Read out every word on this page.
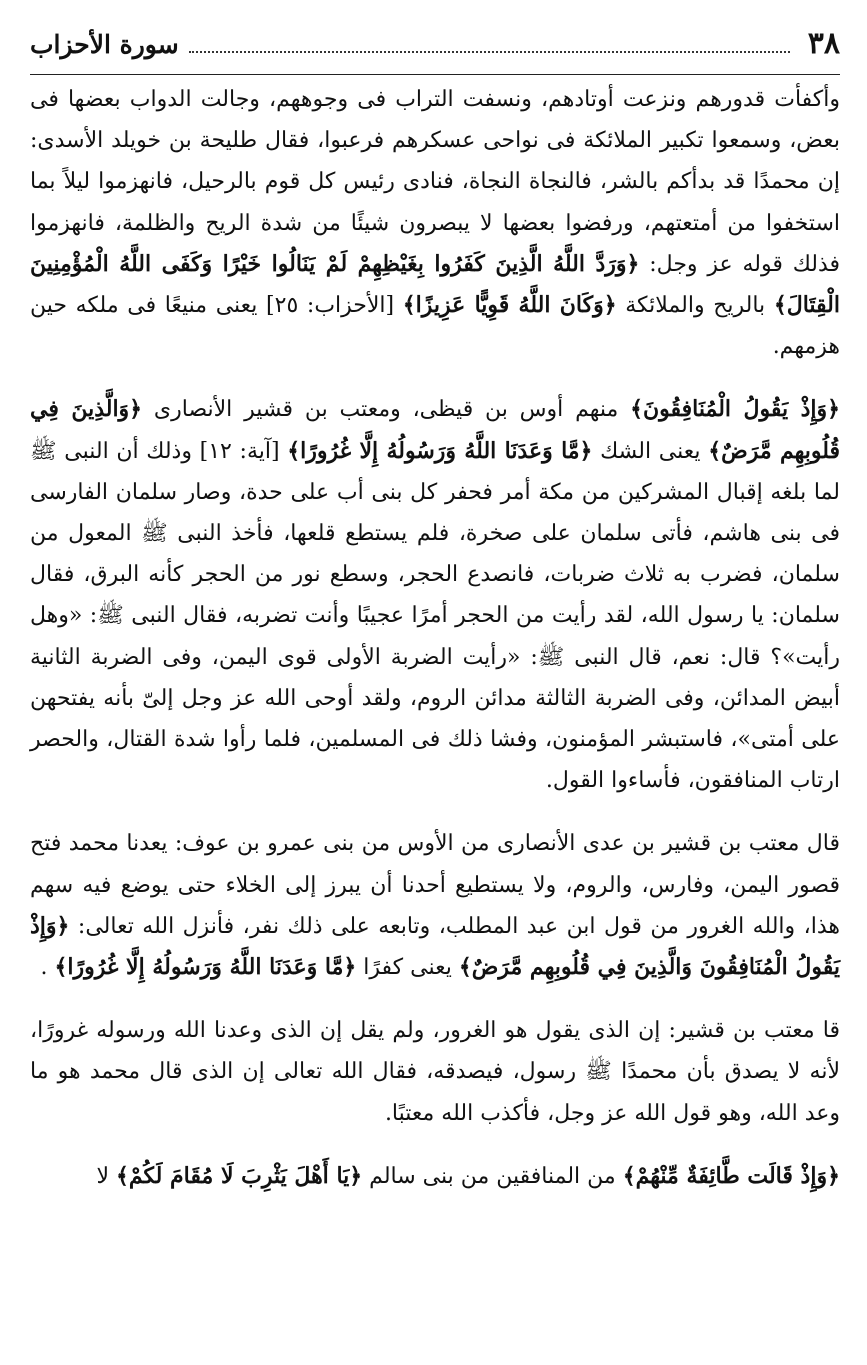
٣٨
سورة الأحزاب

وأكفأت قدورهم ونزعت أوتادهم، ونسفت التراب فى وجوههم، وجالت الدواب بعضها فى بعض، وسمعوا تكبير الملائكة فى نواحى عسكرهم فرعبوا، فقال طليحة بن خويلد الأسدى: إن محمدًا قد بدأكم بالشر، فالنجاة النجاة، فنادى رئيس كل قوم بالرحيل، فانهزموا ليلاً بما استخفوا من أمتعتهم، ورفضوا بعضها لا يبصرون شيئًا من شدة الريح والظلمة، فانهزموا فذلك قوله عز وجل: ﴿وَرَدَّ اللَّهُ الَّذِينَ كَفَرُوا بِغَيْظِهِمْ لَمْ يَنَالُوا خَيْرًا وَكَفَى اللَّهُ الْمُؤْمِنِينَ الْقِتَالَ﴾ بالريح والملائكة ﴿وَكَانَ اللَّهُ قَوِيًّا عَزِيزًا﴾ [الأحزاب: ٢٥] يعنى منيعًا فى ملكه حين هزمهم.

﴿وَإِذْ يَقُولُ الْمُنَافِقُونَ﴾ منهم أوس بن قيظى، ومعتب بن قشير الأنصارى ﴿وَالَّذِينَ فِي قُلُوبِهِم مَّرَضٌ﴾ يعنى الشك ﴿مَّا وَعَدَنَا اللَّهُ وَرَسُولُهُ إِلَّا غُرُورًا﴾ [آية: ١٢] وذلك أن النبى ﷺ لما بلغه إقبال المشركين من مكة أمر فحفر كل بنى أب على حدة، وصار سلمان الفارسى فى بنى هاشم، فأتى سلمان على صخرة، فلم يستطع قلعها، فأخذ النبى ﷺ المعول من سلمان، فضرب به ثلاث ضربات، فانصدع الحجر، وسطع نور من الحجر كأنه البرق، فقال سلمان: يا رسول الله، لقد رأيت من الحجر أمرًا عجيبًا وأنت تضربه، فقال النبى ﷺ: «وهل رأيت»؟ قال: نعم، قال النبى ﷺ: «رأيت الضربة الأولى قوى اليمن، وفى الضربة الثانية أبيض المدائن، وفى الضربة الثالثة مدائن الروم، ولقد أوحى الله عز وجل إلىّ بأنه يفتحهن على أمتى»، فاستبشر المؤمنون، وفشا ذلك فى المسلمين، فلما رأوا شدة القتال، والحصر ارتاب المنافقون، فأساءوا القول.

قال معتب بن قشير بن عدى الأنصارى من الأوس من بنى عمرو بن عوف: يعدنا محمد فتح قصور اليمن، وفارس، والروم، ولا يستطيع أحدنا أن يبرز إلى الخلاء حتى يوضع فيه سهم هذا، والله الغرور من قول ابن عبد المطلب، وتابعه على ذلك نفر، فأنزل الله تعالى: ﴿وَإِذْ يَقُولُ الْمُنَافِقُونَ وَالَّذِينَ فِي قُلُوبِهِم مَّرَضٌ﴾ يعنى كفرًا ﴿مَّا وَعَدَنَا اللَّهُ وَرَسُولُهُ إِلَّا غُرُورًا﴾ .

قا معتب بن قشير: إن الذى يقول هو الغرور، ولم يقل إن الذى وعدنا الله ورسوله غرورًا، لأنه لا يصدق بأن محمدًا ﷺ رسول، فيصدقه، فقال الله تعالى إن الذى قال محمد هو ما وعد الله، وهو قول الله عز وجل، فأكذب الله معتبًا.

﴿وَإِذْ قَالَت طَّائِفَةٌ مِّنْهُمْ﴾ من المنافقين من بنى سالم ﴿يَا أَهْلَ يَثْرِبَ لَا مُقَامَ لَكُمْ﴾ لا
